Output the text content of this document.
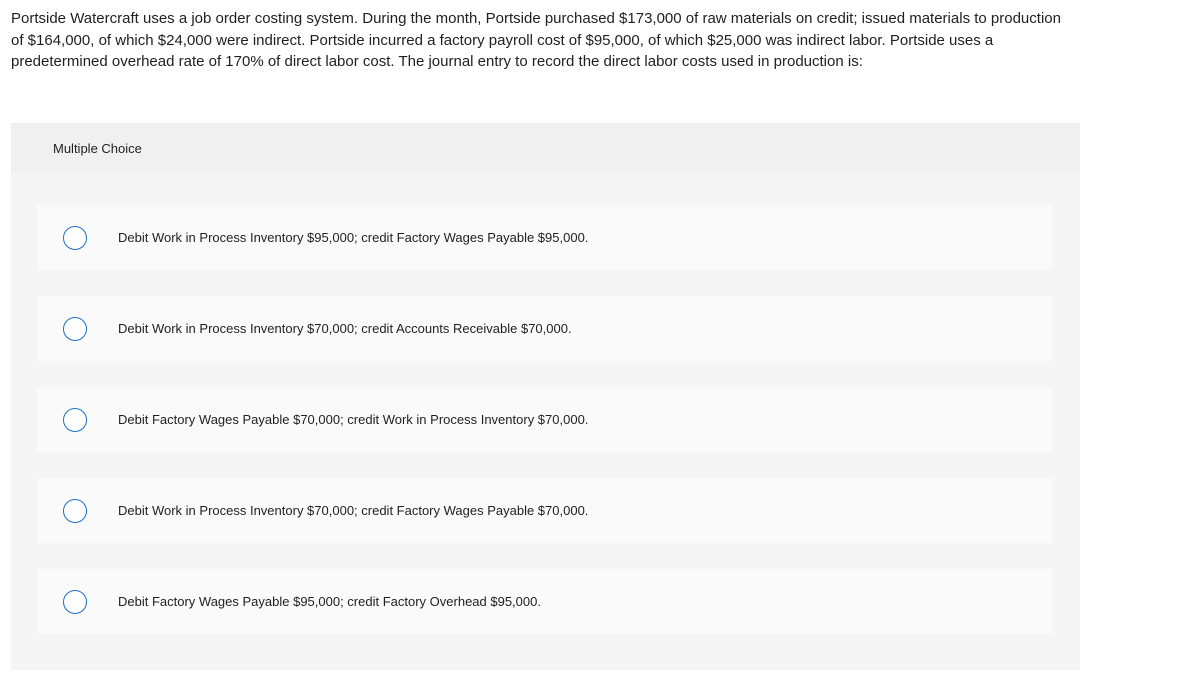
Portside Watercraft uses a job order costing system. During the month, Portside purchased $173,000 of raw materials on credit; issued materials to production of $164,000, of which $24,000 were indirect. Portside incurred a factory payroll cost of $95,000, of which $25,000 was indirect labor. Portside uses a predetermined overhead rate of 170% of direct labor cost. The journal entry to record the direct labor costs used in production is:

Multiple Choice
Debit Work in Process Inventory $95,000; credit Factory Wages Payable $95,000.
Debit Work in Process Inventory $70,000; credit Accounts Receivable $70,000.
Debit Factory Wages Payable $70,000; credit Work in Process Inventory $70,000.
Debit Work in Process Inventory $70,000; credit Factory Wages Payable $70,000.
Debit Factory Wages Payable $95,000; credit Factory Overhead $95,000.
